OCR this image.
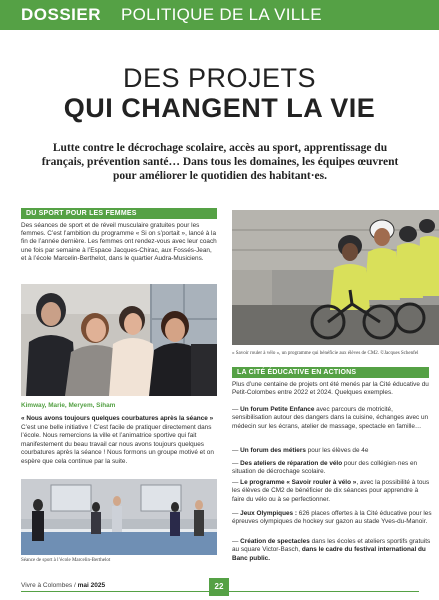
DOSSIER POLITIQUE DE LA VILLE
DES PROJETS
QUI CHANGENT LA VIE
Lutte contre le décrochage scolaire, accès au sport, apprentissage du français, prévention santé… Dans tous les domaines, les équipes œuvrent pour améliorer le quotidien des habitant·es.
DU SPORT POUR LES FEMMES
Des séances de sport et de réveil musculaire gratuites pour les femmes. C’est l’ambition du programme « Si on s’portait », lancé à la fin de l’année dernière. Les femmes ont rendez-vous avec leur coach une fois par semaine à l’Espace Jacques-Chirac, aux Fossés-Jean, et à l’école Marcelin-Berthelot, dans le quartier Audra-Musiciens.
Kimway, Marie, Meryem, Siham
« Nous avons toujours quelques courbatures après la séance » C’est une belle initiative ! C’est facile de pratiquer directement dans l’école. Nous remercions la ville et l’animatrice sportive qui fait manifestement du beau travail car nous avons toujours quelques courbatures après la séance ! Nous formons un groupe motivé et on espère que cela continue par la suite.
Séance de sport à l’école Marcelin-Berthelot
« Savoir rouler à vélo », un programme qui bénéficie aux élèves de CM2. ©Jacques Schenfel
LA CITÉ ÉDUCATIVE EN ACTIONS
Plus d’une centaine de projets ont été menés par la Cité éducative du Petit-Colombes entre 2022 et 2024. Quelques exemples.
— Un forum Petite Enfance avec parcours de motricité, sensibilisation autour des dangers dans la cuisine, échanges avec un médecin sur les écrans, atelier de massage, spectacle en famille…
— Un forum des métiers pour les élèves de 4e
— Des ateliers de réparation de vélo pour des collégien·nes en situation de décrochage scolaire.
— Le programme « Savoir rouler à vélo », avec la possibilité à tous les élèves de CM2 de bénéficier de dix séances pour apprendre à faire du vélo ou à se perfectionner.
— Jeux Olympiques : 626 places offertes à la Cité éducative pour les épreuves olympiques de hockey sur gazon au stade Yves-du-Manoir.
— Création de spectacles dans les écoles et ateliers sportifs gratuits au square Victor-Basch, dans le cadre du festival international du Banc public.
Vivre à Colombes / mai 2025	22
